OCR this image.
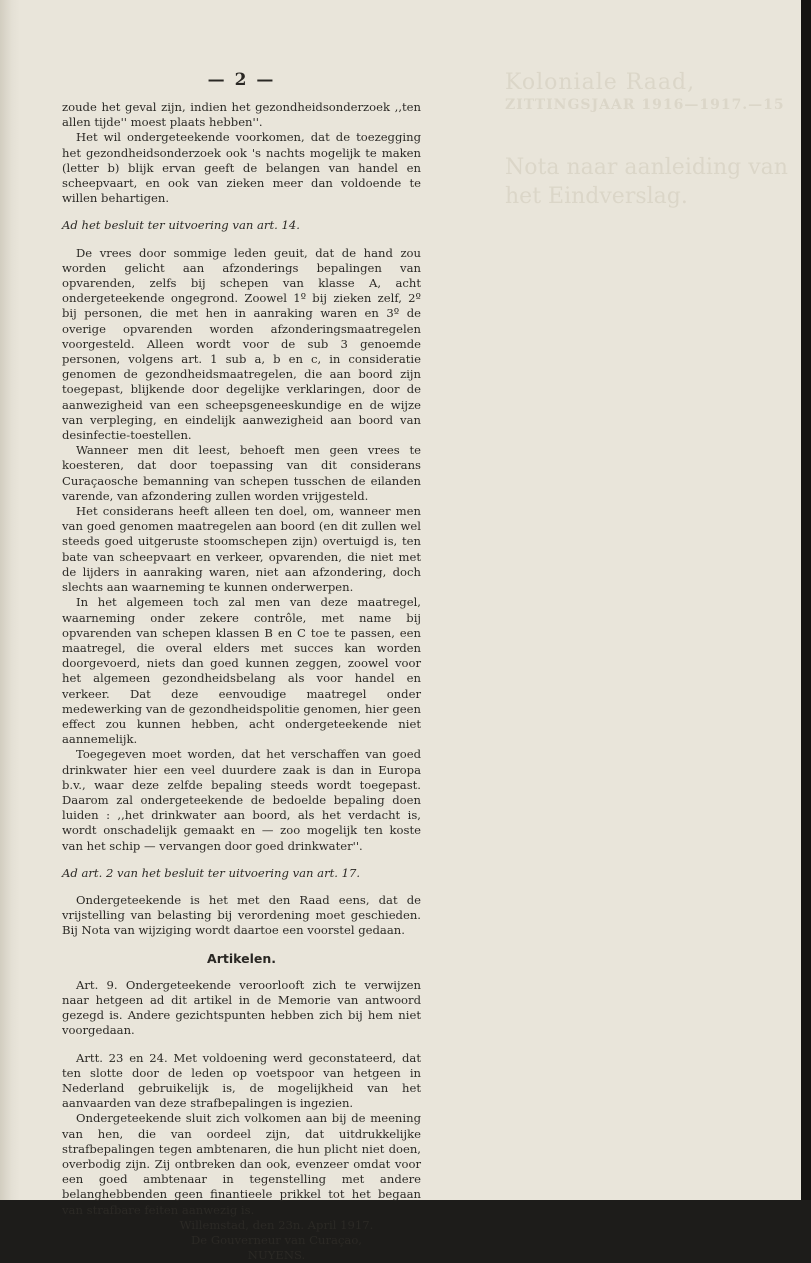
Koloniale Raad,

ZITTINGSJAAR 1916—1917.—15

Nota naar aanleiding van

het Eindverslag.

— 2 —

zoude het geval zijn, indien het gezondheidsonderzoek ,,ten allen tijde'' moest plaats hebben''.

Het wil ondergeteekende voorkomen, dat de toezegging het gezondheidsonderzoek ook 's nachts mogelijk te maken (letter b) blijk ervan geeft de belangen van handel en scheepvaart, en ook van zieken meer dan voldoende te willen behartigen.

Ad het besluit ter uitvoering van art. 14.

De vrees door sommige leden geuit, dat de hand zou worden gelicht aan afzonderings bepalingen van opvarenden, zelfs bij schepen van klasse A, acht ondergeteekende ongegrond. Zoowel 1º bij zieken zelf, 2º bij personen, die met hen in aanraking waren en 3º de overige opvarenden worden afzonderingsmaatregelen voorgesteld. Alleen wordt voor de sub 3 genoemde personen, volgens art. 1 sub a, b en c, in consideratie genomen de gezondheidsmaatregelen, die aan boord zijn toegepast, blijkende door degelijke verklaringen, door de aanwezigheid van een scheepsgeneeskundige en de wijze van verpleging, en eindelijk aanwezigheid aan boord van desinfectie-toestellen.

Wanneer men dit leest, behoeft men geen vrees te koesteren, dat door toepassing van dit considerans Curaçaosche bemanning van schepen tusschen de eilanden varende, van afzondering zullen worden vrijgesteld.

Het considerans heeft alleen ten doel, om, wanneer men van goed genomen maatregelen aan boord (en dit zullen wel steeds goed uitgeruste stoomschepen zijn) overtuigd is, ten bate van scheepvaart en verkeer, opvarenden, die niet met de lijders in aanraking waren, niet aan afzondering, doch slechts aan waarneming te kunnen onderwerpen.

In het algemeen toch zal men van deze maatregel, waarneming onder zekere contrôle, met name bij opvarenden van schepen klassen B en C toe te passen, een maatregel, die overal elders met succes kan worden doorgevoerd, niets dan goed kunnen zeggen, zoowel voor het algemeen gezondheidsbelang als voor handel en verkeer. Dat deze eenvoudige maatregel onder medewerking van de gezondheidspolitie genomen, hier geen effect zou kunnen hebben, acht ondergeteekende niet aannemelijk.

Toegegeven moet worden, dat het verschaffen van goed drinkwater hier een veel duurdere zaak is dan in Europa b.v., waar deze zelfde bepaling steeds wordt toegepast. Daarom zal ondergeteekende de bedoelde bepaling doen luiden : ,,het drinkwater aan boord, als het verdacht is, wordt onschadelijk gemaakt en — zoo mogelijk ten koste van het schip — vervangen door goed drinkwater''.

Ad art. 2 van het besluit ter uitvoering van art. 17.

Ondergeteekende is het met den Raad eens, dat de vrijstelling van belasting bij verordening moet geschieden. Bij Nota van wijziging wordt daartoe een voorstel gedaan.

Artikelen.

Art. 9. Ondergeteekende veroorlooft zich te verwijzen naar hetgeen ad dit artikel in de Memorie van antwoord gezegd is. Andere gezichtspunten hebben zich bij hem niet voorgedaan.

Artt. 23 en 24. Met voldoening werd geconstateerd, dat ten slotte door de leden op voetspoor van hetgeen in Nederland gebruikelijk is, de mogelijkheid van het aanvaarden van deze strafbepalingen is ingezien.

Ondergeteekende sluit zich volkomen aan bij de meening van hen, die van oordeel zijn, dat uitdrukkelijke strafbepalingen tegen ambtenaren, die hun plicht niet doen, overbodig zijn. Zij ontbreken dan ook, evenzeer omdat voor een goed ambtenaar in tegenstelling met andere belanghebbenden geen finantieele prikkel tot het begaan van strafbare feiten aanwezig is.

Willemstad, den 23n. April 1917.

De Gouverneur van Curaçao,

NUYENS.
